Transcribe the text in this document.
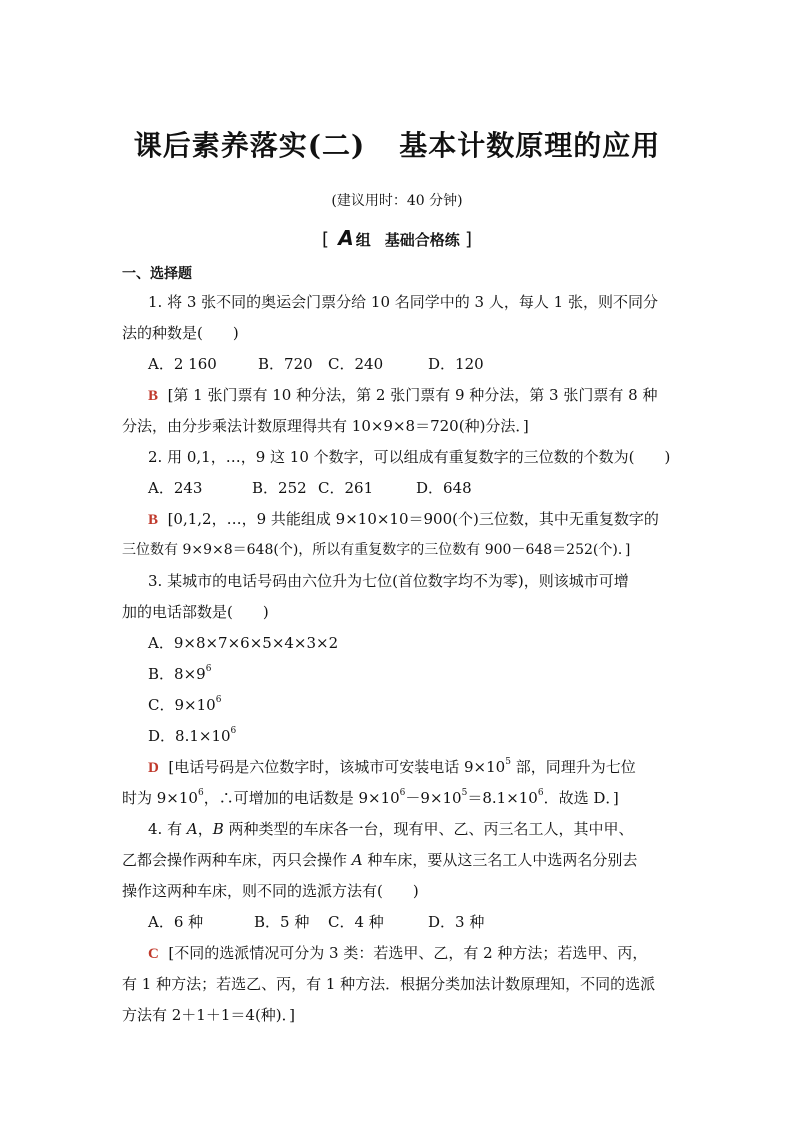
课后素养落实(二) 基本计数原理的应用
(建议用时：40 分钟)
[ A 组 基础合格练 ]
一、选择题
1. 将 3 张不同的奥运会门票分给 10 名同学中的 3 人，每人 1 张，则不同分
法的种数是(　　)
A．2 160	B．720 C．240	D．120
B [第 1 张门票有 10 种分法，第 2 张门票有 9 种分法，第 3 张门票有 8 种
分法，由分步乘法计数原理得共有 10×9×8＝720(种)分法．]
2. 用 0,1，…，9 这 10 个数字，可以组成有重复数字的三位数的个数为(　　)
A．243	B．252 C．261	D．648
B [0,1,2，…，9 共能组成 9×10×10＝900(个)三位数，其中无重复数字的
三位数有 9×9×8＝648(个)，所以有重复数字的三位数有 900－648＝252(个)．]
3. 某城市的电话号码由六位升为七位(首位数字均不为零)，则该城市可增
加的电话部数是(　　)
A．9×8×7×6×5×4×3×2
B．$8\times 9^6$
C．$9\times 10^6$
D．$8.1\times 10^6$
D [电话号码是六位数字时，该城市可安装电话 $9\times 10^5$ 部，同理升为七位
时为 $9\times 10^6$，∴可增加的电话数是 $9\times 10^6-9\times 10^5=8.1\times 10^6$．故选 D．]
4. 有 A，B 两种类型的车床各一台，现有甲、乙、丙三名工人，其中甲、
乙都会操作两种车床，丙只会操作 A 种车床，要从这三名工人中选两名分别去
操作这两种车床，则不同的选派方法有(　　)
A．6 种	B．5 种 C．4 种	D．3 种
C [不同的选派情况可分为 3 类：若选甲、乙，有 2 种方法；若选甲、丙，
有 1 种方法；若选乙、丙，有 1 种方法．根据分类加法计数原理知，不同的选派
方法有 2＋1＋1＝4(种)．]
